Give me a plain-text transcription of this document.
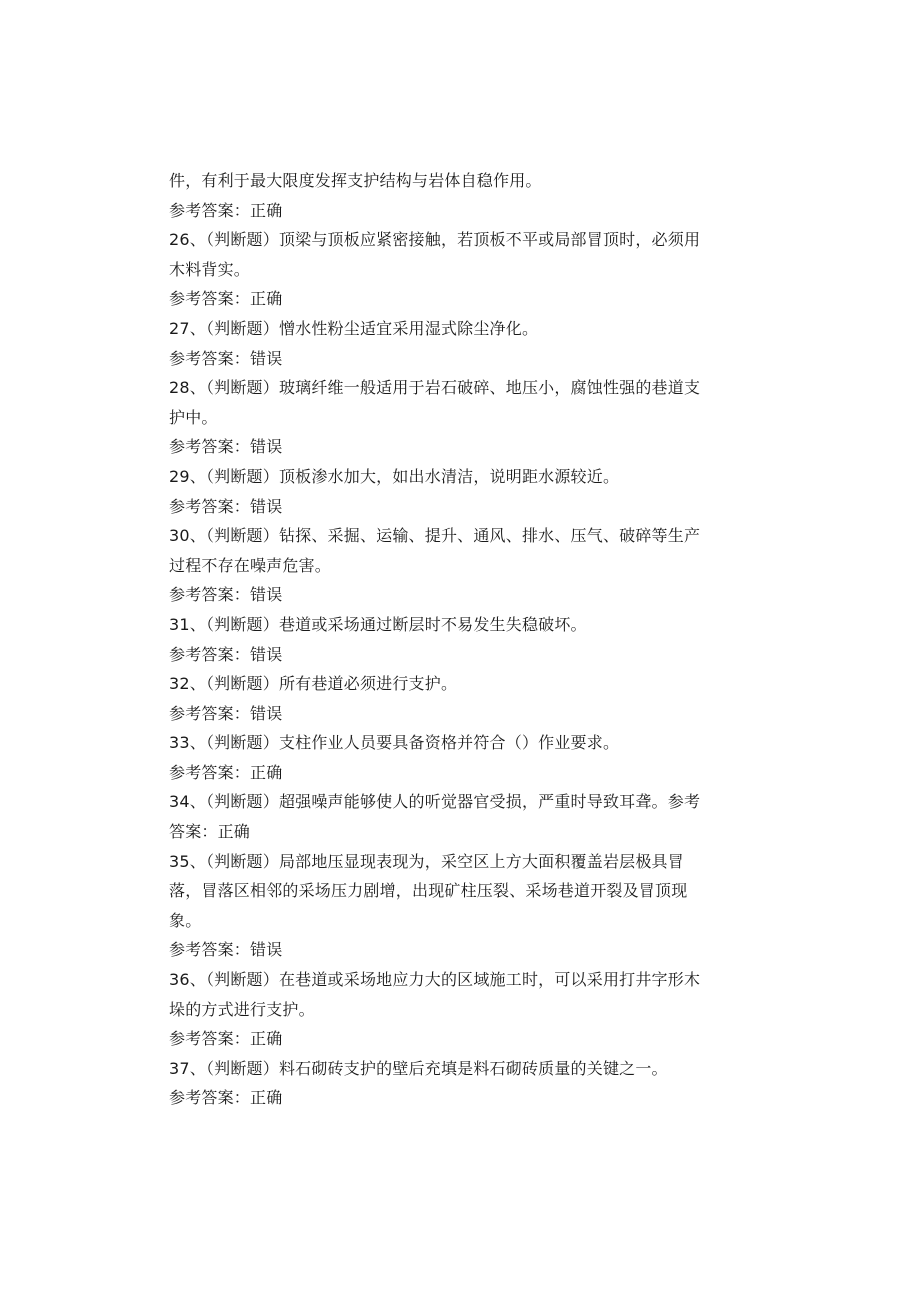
件，有利于最大限度发挥支护结构与岩体自稳作用。
参考答案：正确
26、（判断题）顶梁与顶板应紧密接触，若顶板不平或局部冒顶时，必须用
木料背实。
参考答案：正确
27、（判断题）憎水性粉尘适宜采用湿式除尘净化。
参考答案：错误
28、（判断题）玻璃纤维一般适用于岩石破碎、地压小，腐蚀性强的巷道支
护中。
参考答案：错误
29、（判断题）顶板渗水加大，如出水清洁，说明距水源较近。
参考答案：错误
30、（判断题）钻探、采掘、运输、提升、通风、排水、压气、破碎等生产
过程不存在噪声危害。
参考答案：错误
31、（判断题）巷道或采场通过断层时不易发生失稳破坏。
参考答案：错误
32、（判断题）所有巷道必须进行支护。
参考答案：错误
33、（判断题）支柱作业人员要具备资格并符合（）作业要求。
参考答案：正确
34、（判断题）超强噪声能够使人的听觉器官受损，严重时导致耳聋。参考
答案：正确
35、（判断题）局部地压显现表现为，采空区上方大面积覆盖岩层极具冒
落，冒落区相邻的采场压力剧增，出现矿柱压裂、采场巷道开裂及冒顶现
象。
参考答案：错误
36、（判断题）在巷道或采场地应力大的区域施工时，可以采用打井字形木
垛的方式进行支护。
参考答案：正确
37、（判断题）料石砌砖支护的壁后充填是料石砌砖质量的关键之一。
参考答案：正确
